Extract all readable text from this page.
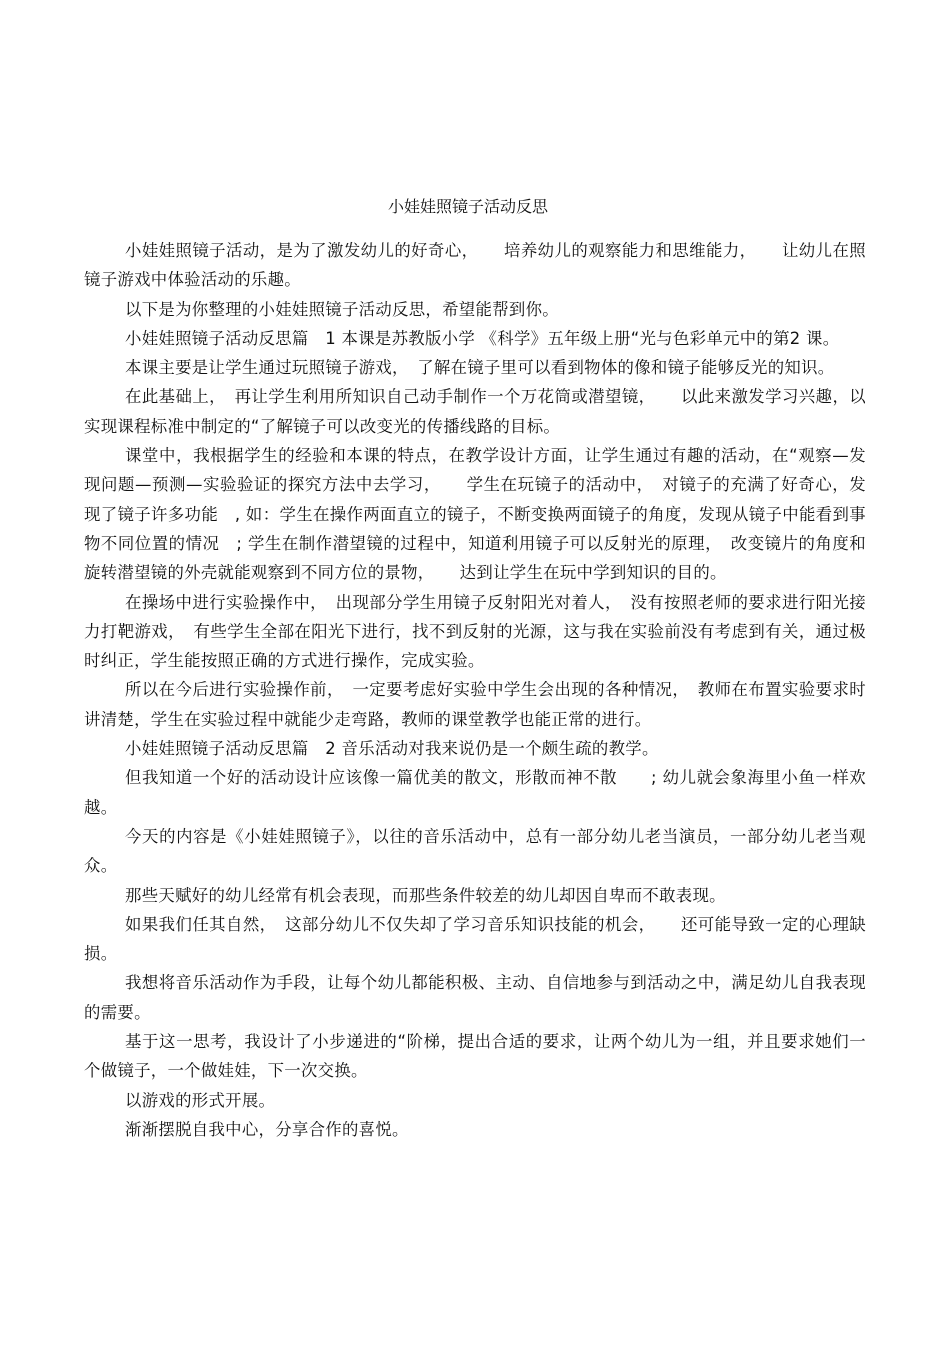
小娃娃照镜子活动反思

小娃娃照镜子活动，是为了激发幼儿的好奇心，　　培养幼儿的观察能力和思维能力，　　让幼儿在照镜子游戏中体验活动的乐趣。

以下是为你整理的小娃娃照镜子活动反思，希望能帮到你。

小娃娃照镜子活动反思篇　1 本课是苏教版小学 《科学》五年级上册“光与色彩单元中的第2 课。

本课主要是让学生通过玩照镜子游戏，　了解在镜子里可以看到物体的像和镜子能够反光的知识。

在此基础上，　再让学生利用所知识自己动手制作一个万花筒或潜望镜，　　以此来激发学习兴趣，以实现课程标准中制定的“了解镜子可以改变光的传播线路的目标。

课堂中，我根据学生的经验和本课的特点，在教学设计方面，让学生通过有趣的活动，在“观察—发现问题—预测—实验验证的探究方法中去学习，　　学生在玩镜子的活动中，　对镜子的充满了好奇心，发现了镜子许多功能　, 如：学生在操作两面直立的镜子，不断变换两面镜子的角度，发现从镜子中能看到事物不同位置的情况　; 学生在制作潜望镜的过程中，知道利用镜子可以反射光的原理，　改变镜片的角度和旋转潜望镜的外壳就能观察到不同方位的景物，　　达到让学生在玩中学到知识的目的。

在操场中进行实验操作中，　出现部分学生用镜子反射阳光对着人，　没有按照老师的要求进行阳光接力打靶游戏，　有些学生全部在阳光下进行，找不到反射的光源，这与我在实验前没有考虑到有关，通过极时纠正，学生能按照正确的方式进行操作，完成实验。

所以在今后进行实验操作前，　一定要考虑好实验中学生会出现的各种情况，　教师在布置实验要求时讲清楚，学生在实验过程中就能少走弯路，教师的课堂教学也能正常的进行。

小娃娃照镜子活动反思篇　2 音乐活动对我来说仍是一个颇生疏的教学。

但我知道一个好的活动设计应该像一篇优美的散文，形散而神不散　　; 幼儿就会象海里小鱼一样欢越。

今天的内容是《小娃娃照镜子》，以往的音乐活动中，总有一部分幼儿老当演员，一部分幼儿老当观众。

那些天赋好的幼儿经常有机会表现，而那些条件较差的幼儿却因自卑而不敢表现。

如果我们任其自然，　这部分幼儿不仅失却了学习音乐知识技能的机会，　　还可能导致一定的心理缺损。

我想将音乐活动作为手段，让每个幼儿都能积极、主动、自信地参与到活动之中，满足幼儿自我表现的需要。

基于这一思考，我设计了小步递进的“阶梯，提出合适的要求，让两个幼儿为一组，并且要求她们一个做镜子，一个做娃娃，下一次交换。

以游戏的形式开展。

渐渐摆脱自我中心，分享合作的喜悦。
